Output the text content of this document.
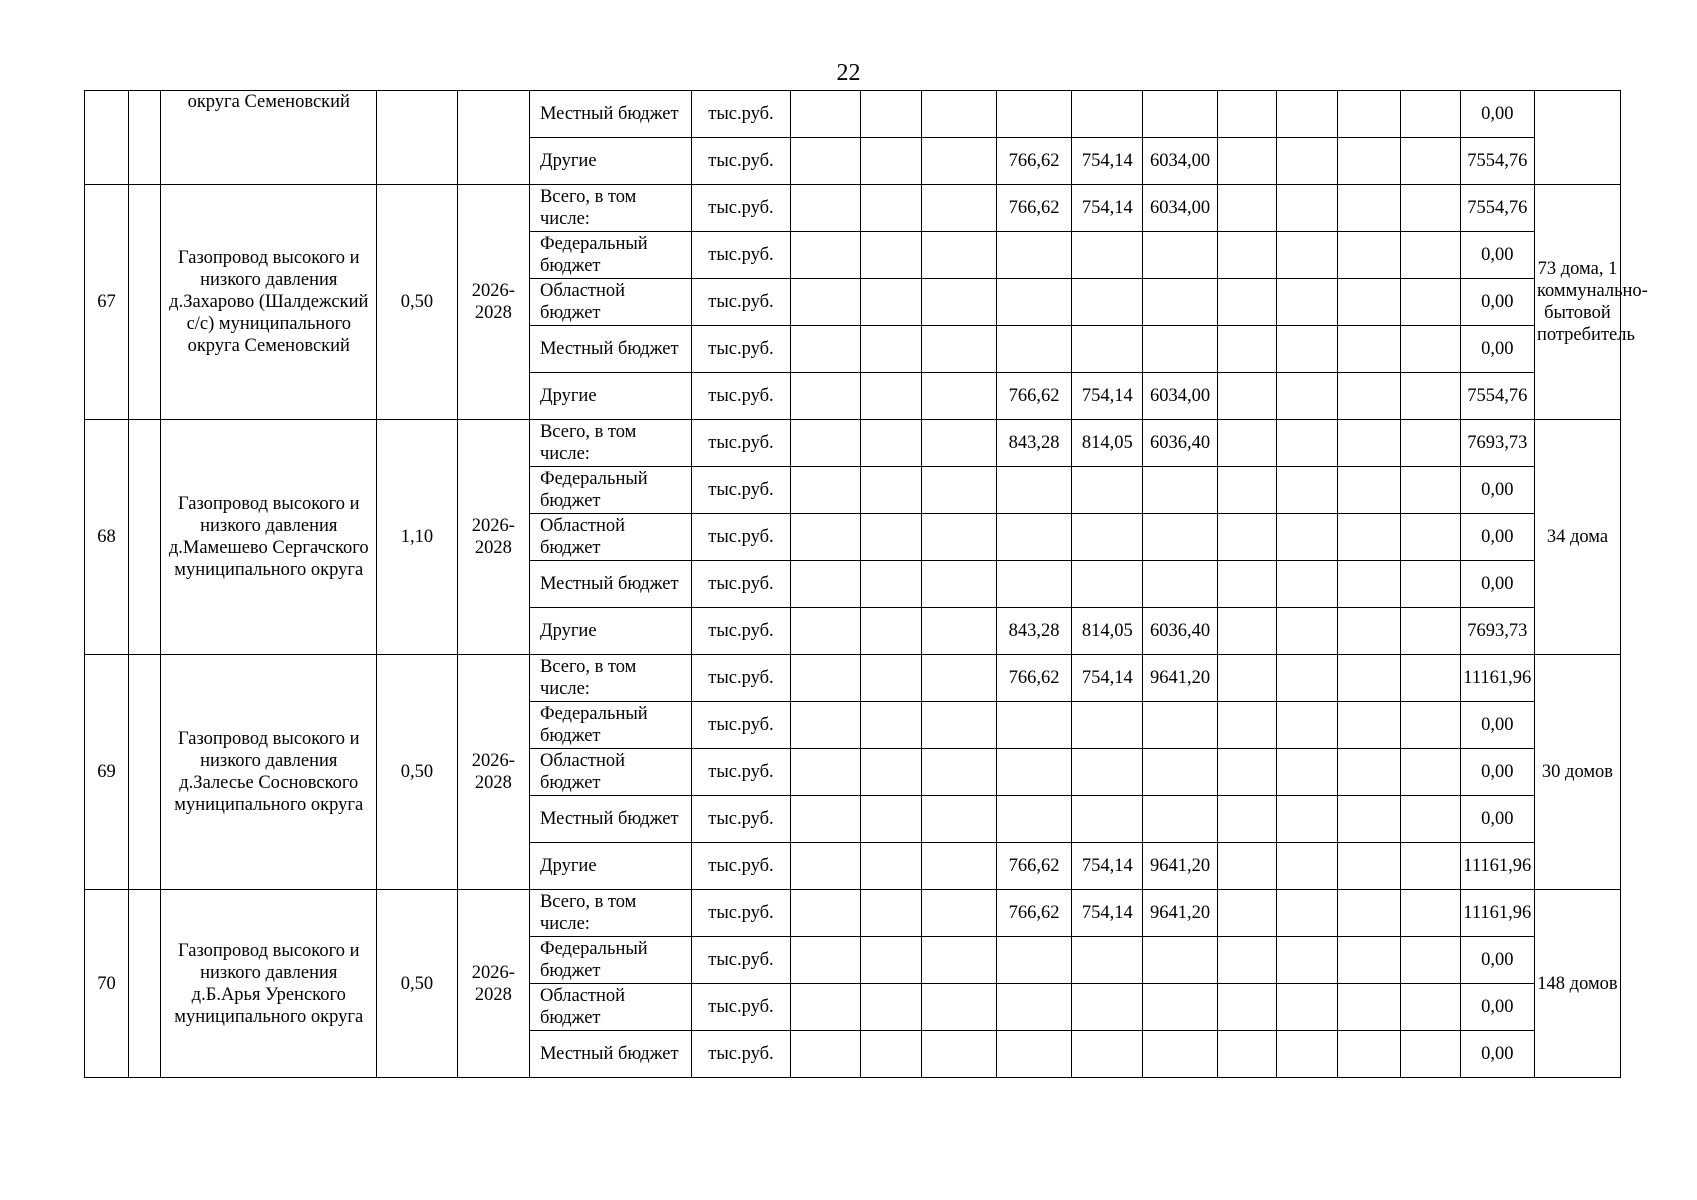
22
		округа Семеновский			Местный бюджет	тыс.руб.											0,00	
					Другие	тыс.руб.				766,62	754,14	6034,00					7554,76	
67		Газопровод высокого и низкого давления д.Захарово (Шалдежский с/с) муниципального округа Семеновский	0,50	2026-2028	Всего, в том числе:	тыс.руб.				766,62	754,14	6034,00					7554,76	73 дома, 1 коммунально-бытовой потребитель
					Федеральный бюджет	тыс.руб.											0,00	
					Областной бюджет	тыс.руб.											0,00	
					Местный бюджет	тыс.руб.											0,00	
					Другие	тыс.руб.				766,62	754,14	6034,00					7554,76	
68		Газопровод высокого и низкого давления д.Мамешево Сергачского муниципального округа	1,10	2026-2028	Всего, в том числе:	тыс.руб.				843,28	814,05	6036,40					7693,73	34 дома
					Федеральный бюджет	тыс.руб.											0,00	
					Областной бюджет	тыс.руб.											0,00	
					Местный бюджет	тыс.руб.											0,00	
					Другие	тыс.руб.				843,28	814,05	6036,40					7693,73	
69		Газопровод высокого и низкого давления д.Залесье Сосновского муниципального округа	0,50	2026-2028	Всего, в том числе:	тыс.руб.				766,62	754,14	9641,20					11161,96	30 домов
					Федеральный бюджет	тыс.руб.											0,00	
					Областной бюджет	тыс.руб.											0,00	
					Местный бюджет	тыс.руб.											0,00	
					Другие	тыс.руб.				766,62	754,14	9641,20					11161,96	
70		Газопровод высокого и низкого давления д.Б.Арья Уренского муниципального округа	0,50	2026-2028	Всего, в том числе:	тыс.руб.				766,62	754,14	9641,20					11161,96	148 домов
					Федеральный бюджет	тыс.руб.											0,00	
					Областной бюджет	тыс.руб.											0,00	
					Местный бюджет	тыс.руб.											0,00	
